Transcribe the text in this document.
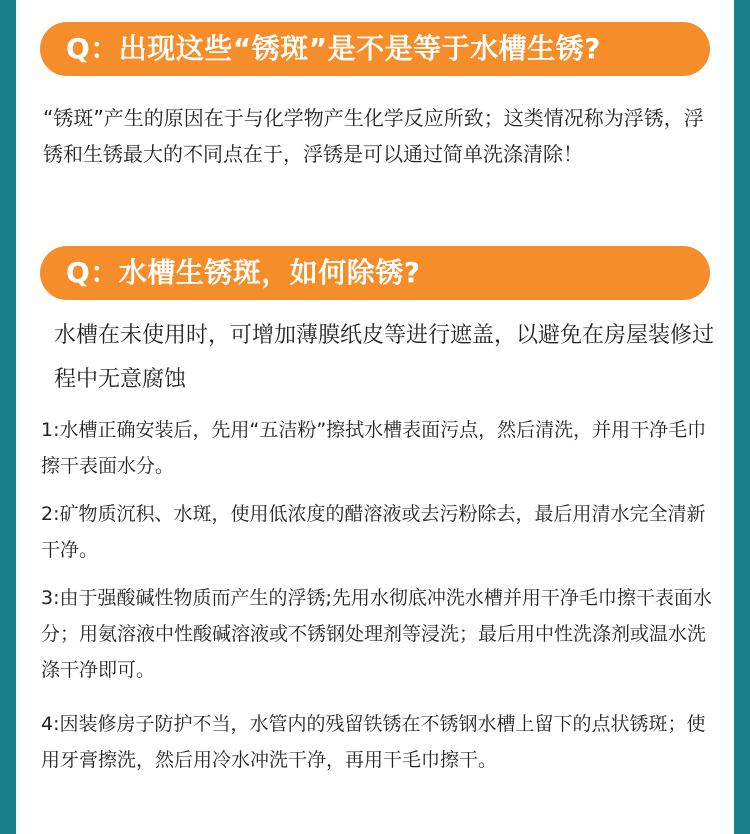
Q：出现这些“锈斑”是不是等于水槽生锈?

“锈斑”产生的原因在于与化学物产生化学反应所致；这类情况称为浮锈，浮锈和生锈最大的不同点在于，浮锈是可以通过简单洗涤清除！

Q：水槽生锈斑，如何除锈?

水槽在未使用时，可增加薄膜纸皮等进行遮盖，以避免在房屋装修过程中无意腐蚀

1:水槽正确安装后，先用“五洁粉”擦拭水槽表面污点，然后清洗，并用干净毛巾擦干表面水分。

2:矿物质沉积、水斑，使用低浓度的醋溶液或去污粉除去，最后用清水完全清新干净。

3:由于强酸碱性物质而产生的浮锈;先用水彻底冲洗水槽并用干净毛巾擦干表面水分；用氨溶液中性酸碱溶液或不锈钢处理剂等浸洗；最后用中性洗涤剂或温水洗涤干净即可。

4:因装修房子防护不当，水管内的残留铁锈在不锈钢水槽上留下的点状锈斑；使用牙膏擦洗，然后用冷水冲洗干净，再用干毛巾擦干。
